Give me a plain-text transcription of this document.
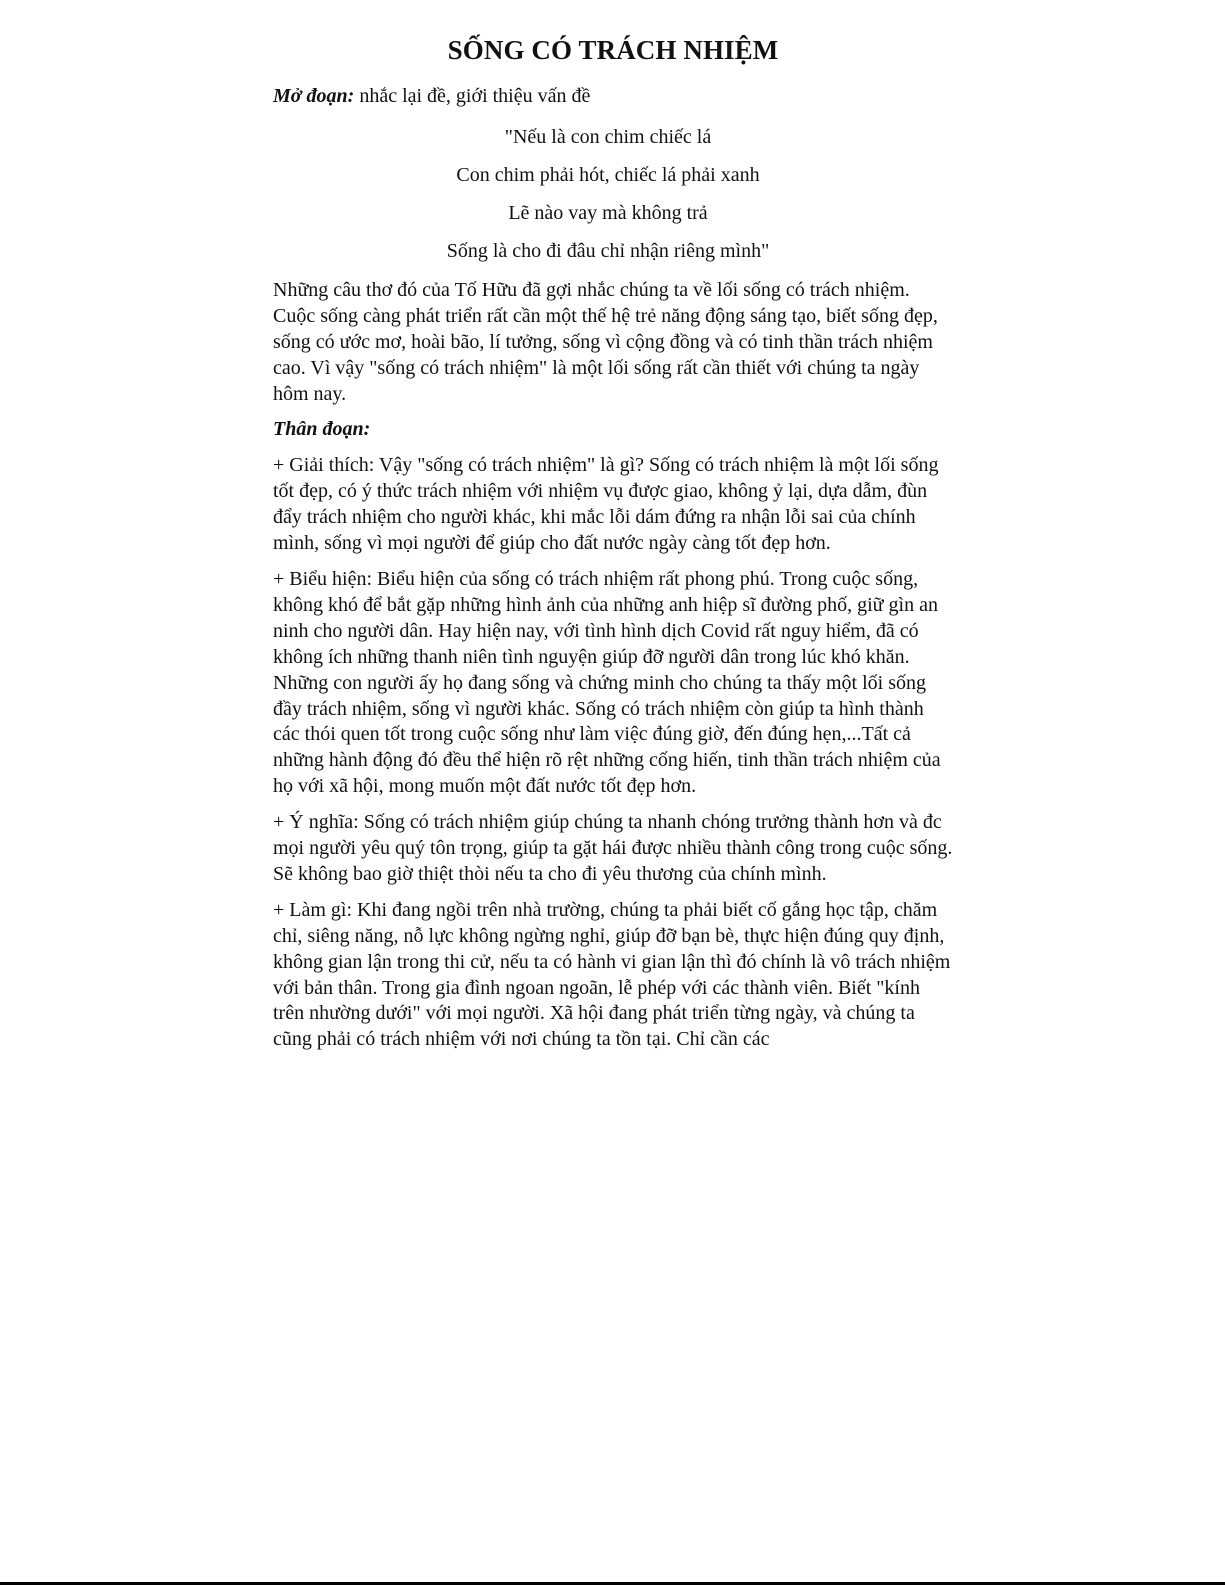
SỐNG CÓ TRÁCH NHIỆM

Mở đoạn: nhắc lại đề, giới thiệu vấn đề

"Nếu là con chim chiếc lá

Con chim phải hót, chiếc lá phải xanh

Lẽ nào vay mà không trả

Sống là cho đi đâu chỉ nhận riêng mình"

Những câu thơ đó của Tố Hữu đã gợi nhắc chúng ta về lối sống có trách nhiệm. Cuộc sống càng phát triển rất cần một thế hệ trẻ năng động sáng tạo, biết sống đẹp, sống có ước mơ, hoài bão, lí tưởng, sống vì cộng đồng và có tinh thần trách nhiệm cao. Vì vậy "sống có trách nhiệm" là một lối sống rất cần thiết với chúng ta ngày hôm nay.

Thân đoạn:

+ Giải thích: Vậy "sống có trách nhiệm" là gì? Sống có trách nhiệm là một lối sống tốt đẹp, có ý thức trách nhiệm với nhiệm vụ được giao, không ỷ lại, dựa dẫm, đùn đẩy trách nhiệm cho người khác, khi mắc lỗi dám đứng ra nhận lỗi sai của chính mình, sống vì mọi người để giúp cho đất nước ngày càng tốt đẹp hơn.

+ Biểu hiện: Biểu hiện của sống có trách nhiệm rất phong phú. Trong cuộc sống, không khó để bắt gặp những hình ảnh của những anh hiệp sĩ đường phố, giữ gìn an ninh cho người dân. Hay hiện nay, với tình hình dịch Covid rất nguy hiểm, đã có không ích những thanh niên tình nguyện giúp đỡ người dân trong lúc khó khăn. Những con người ấy họ đang sống và chứng minh cho chúng ta thấy một lối sống đầy trách nhiệm, sống vì người khác. Sống có trách nhiệm còn giúp ta hình thành các thói quen tốt trong cuộc sống như làm việc đúng giờ, đến đúng hẹn,...Tất cả những hành động đó đều thể hiện rõ rệt những cống hiến, tinh thần trách nhiệm của họ với xã hội, mong muốn một đất nước tốt đẹp hơn.

+ Ý nghĩa: Sống có trách nhiệm giúp chúng ta nhanh chóng trưởng thành hơn và đc mọi người yêu quý tôn trọng, giúp ta gặt hái được nhiều thành công trong cuộc sống. Sẽ không bao giờ thiệt thòi nếu ta cho đi yêu thương của chính mình.

+ Làm gì: Khi đang ngồi trên nhà trường, chúng ta phải biết cố gắng học tập, chăm chỉ, siêng năng, nỗ lực không ngừng nghỉ, giúp đỡ bạn bè, thực hiện đúng quy định, không gian lận trong thi cử, nếu ta có hành vi gian lận thì đó chính là vô trách nhiệm với bản thân. Trong gia đình ngoan ngoãn, lễ phép với các thành viên. Biết "kính trên nhường dưới" với mọi người. Xã hội đang phát triển từng ngày, và chúng ta cũng phải có trách nhiệm với nơi chúng ta tồn tại. Chỉ cần các
